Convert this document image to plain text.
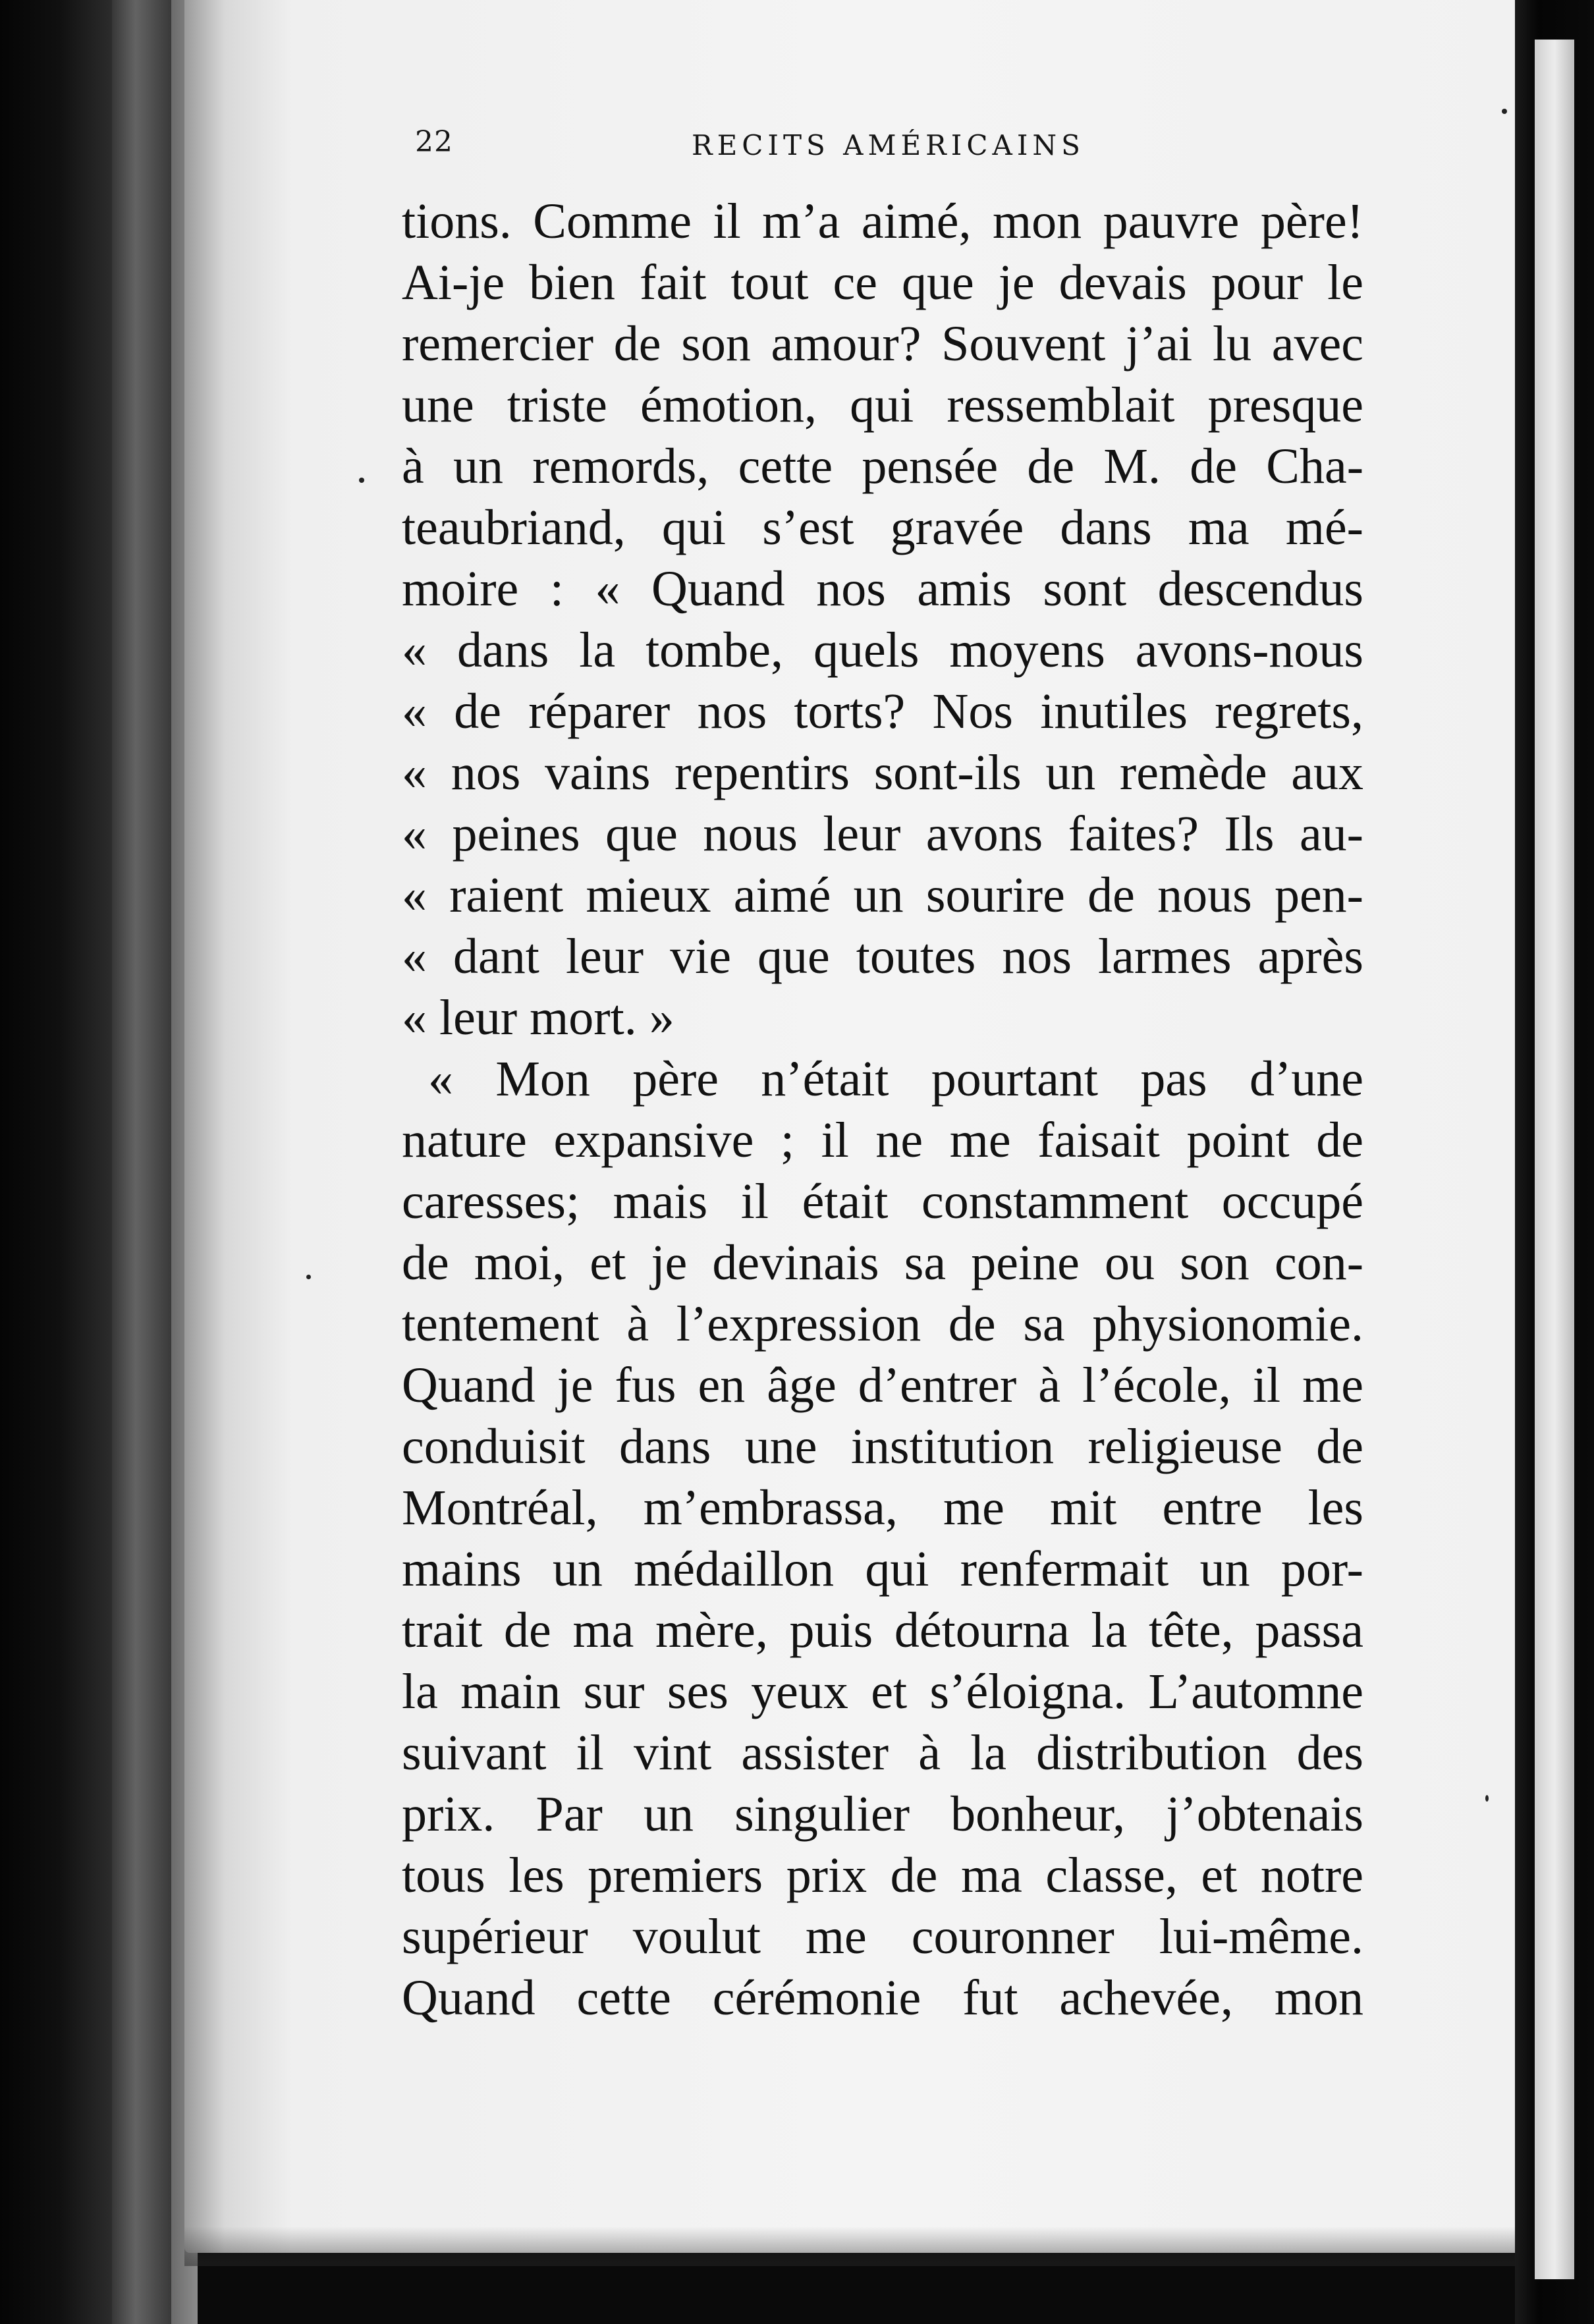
22	RECITS AMÉRICAINS
tions. Comme il m’a aimé, mon pauvre père!
Ai-je bien fait tout ce que je devais pour le
remercier de son amour? Souvent j’ai lu avec
une triste émotion, qui ressemblait presque
à un remords, cette pensée de M. de Cha-
teaubriand, qui s’est gravée dans ma mé-
moire : « Quand nos amis sont descendus
« dans la tombe, quels moyens avons-nous
« de réparer nos torts? Nos inutiles regrets,
« nos vains repentirs sont-ils un remède aux
« peines que nous leur avons faites? Ils au-
« raient mieux aimé un sourire de nous pen-
« dant leur vie que toutes nos larmes après
« leur mort. »
« Mon père n’était pourtant pas d’une
nature expansive ; il ne me faisait point de
caresses; mais il était constamment occupé
de moi, et je devinais sa peine ou son con-
tentement à l’expression de sa physionomie.
Quand je fus en âge d’entrer à l’école, il me
conduisit dans une institution religieuse de
Montréal, m’embrassa, me mit entre les
mains un médaillon qui renfermait un por-
trait de ma mère, puis détourna la tête, passa
la main sur ses yeux et s’éloigna. L’automne
suivant il vint assister à la distribution des
prix. Par un singulier bonheur, j’obtenais
tous les premiers prix de ma classe, et notre
supérieur voulut me couronner lui-même.
Quand cette cérémonie fut achevée, mon
